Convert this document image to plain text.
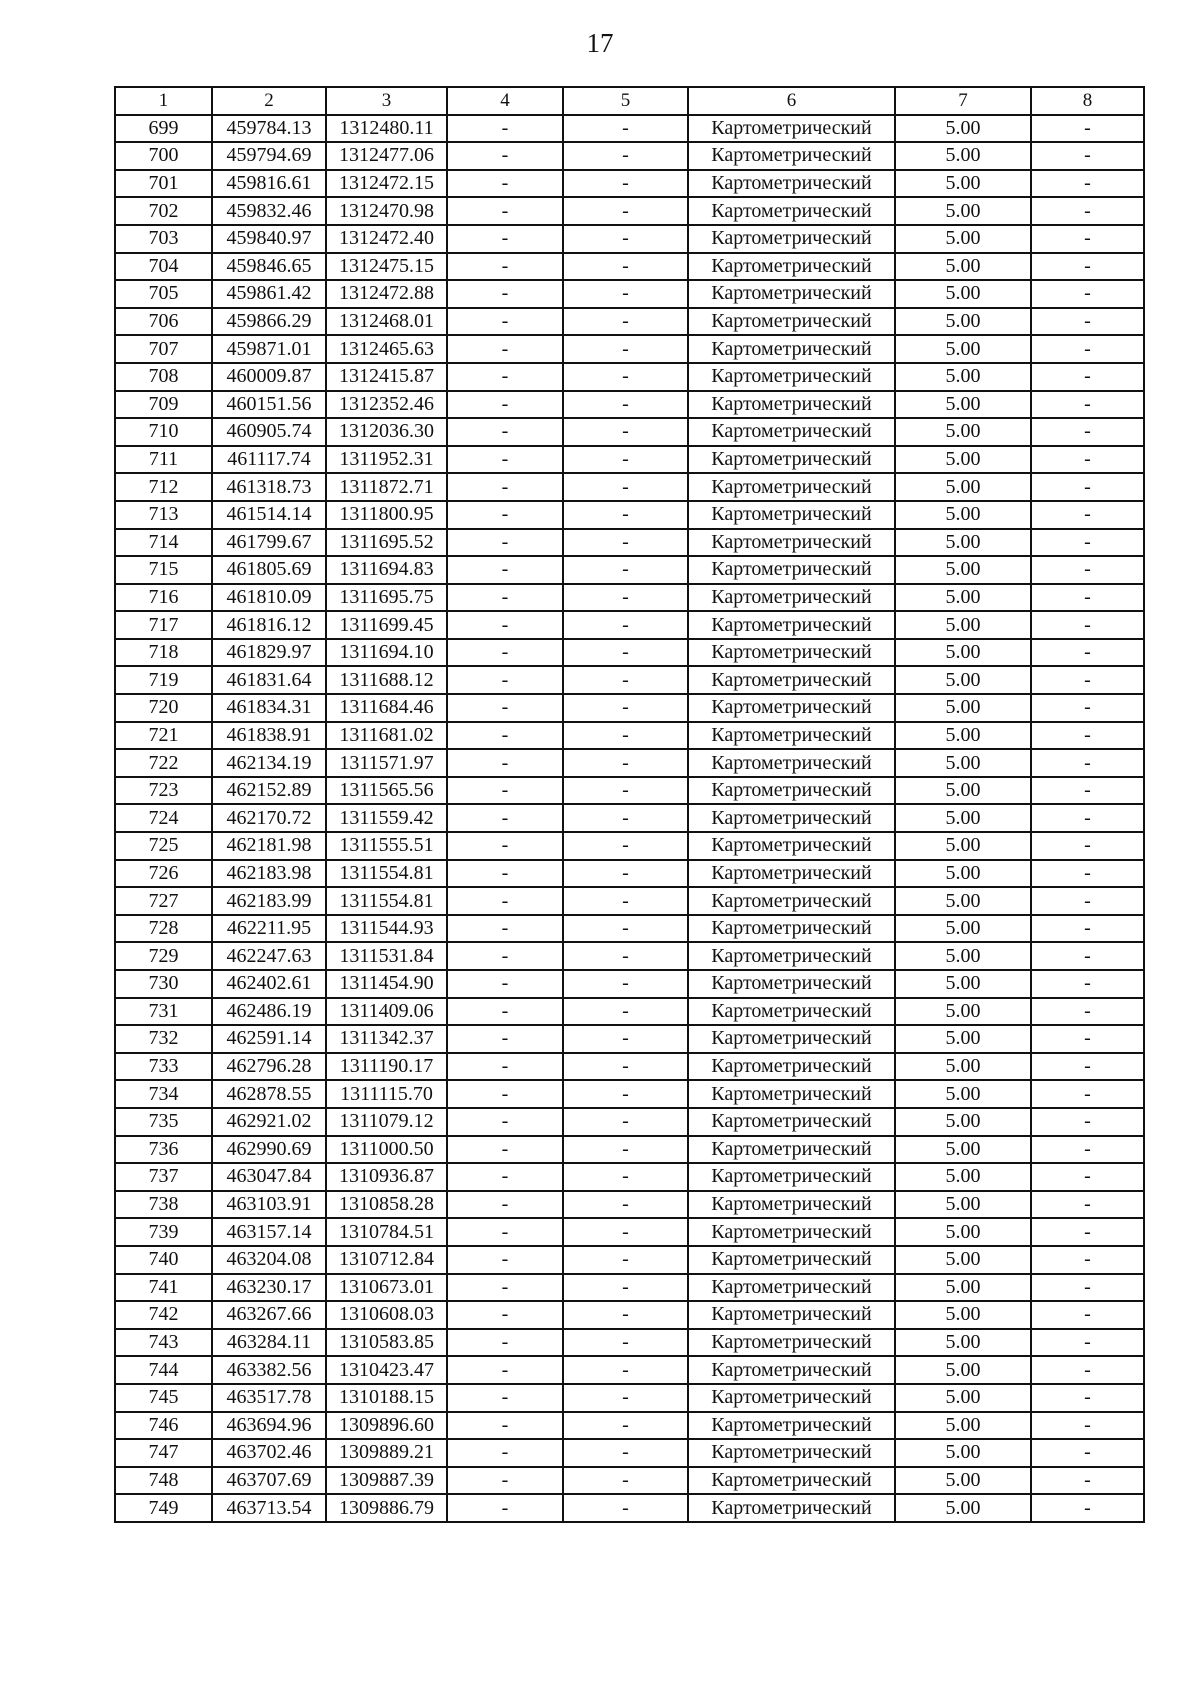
17
1	2	3	4	5	6	7	8
699	459784.13	1312480.11	-	-	Картометрический	5.00	-
700	459794.69	1312477.06	-	-	Картометрический	5.00	-
701	459816.61	1312472.15	-	-	Картометрический	5.00	-
702	459832.46	1312470.98	-	-	Картометрический	5.00	-
703	459840.97	1312472.40	-	-	Картометрический	5.00	-
704	459846.65	1312475.15	-	-	Картометрический	5.00	-
705	459861.42	1312472.88	-	-	Картометрический	5.00	-
706	459866.29	1312468.01	-	-	Картометрический	5.00	-
707	459871.01	1312465.63	-	-	Картометрический	5.00	-
708	460009.87	1312415.87	-	-	Картометрический	5.00	-
709	460151.56	1312352.46	-	-	Картометрический	5.00	-
710	460905.74	1312036.30	-	-	Картометрический	5.00	-
711	461117.74	1311952.31	-	-	Картометрический	5.00	-
712	461318.73	1311872.71	-	-	Картометрический	5.00	-
713	461514.14	1311800.95	-	-	Картометрический	5.00	-
714	461799.67	1311695.52	-	-	Картометрический	5.00	-
715	461805.69	1311694.83	-	-	Картометрический	5.00	-
716	461810.09	1311695.75	-	-	Картометрический	5.00	-
717	461816.12	1311699.45	-	-	Картометрический	5.00	-
718	461829.97	1311694.10	-	-	Картометрический	5.00	-
719	461831.64	1311688.12	-	-	Картометрический	5.00	-
720	461834.31	1311684.46	-	-	Картометрический	5.00	-
721	461838.91	1311681.02	-	-	Картометрический	5.00	-
722	462134.19	1311571.97	-	-	Картометрический	5.00	-
723	462152.89	1311565.56	-	-	Картометрический	5.00	-
724	462170.72	1311559.42	-	-	Картометрический	5.00	-
725	462181.98	1311555.51	-	-	Картометрический	5.00	-
726	462183.98	1311554.81	-	-	Картометрический	5.00	-
727	462183.99	1311554.81	-	-	Картометрический	5.00	-
728	462211.95	1311544.93	-	-	Картометрический	5.00	-
729	462247.63	1311531.84	-	-	Картометрический	5.00	-
730	462402.61	1311454.90	-	-	Картометрический	5.00	-
731	462486.19	1311409.06	-	-	Картометрический	5.00	-
732	462591.14	1311342.37	-	-	Картометрический	5.00	-
733	462796.28	1311190.17	-	-	Картометрический	5.00	-
734	462878.55	1311115.70	-	-	Картометрический	5.00	-
735	462921.02	1311079.12	-	-	Картометрический	5.00	-
736	462990.69	1311000.50	-	-	Картометрический	5.00	-
737	463047.84	1310936.87	-	-	Картометрический	5.00	-
738	463103.91	1310858.28	-	-	Картометрический	5.00	-
739	463157.14	1310784.51	-	-	Картометрический	5.00	-
740	463204.08	1310712.84	-	-	Картометрический	5.00	-
741	463230.17	1310673.01	-	-	Картометрический	5.00	-
742	463267.66	1310608.03	-	-	Картометрический	5.00	-
743	463284.11	1310583.85	-	-	Картометрический	5.00	-
744	463382.56	1310423.47	-	-	Картометрический	5.00	-
745	463517.78	1310188.15	-	-	Картометрический	5.00	-
746	463694.96	1309896.60	-	-	Картометрический	5.00	-
747	463702.46	1309889.21	-	-	Картометрический	5.00	-
748	463707.69	1309887.39	-	-	Картометрический	5.00	-
749	463713.54	1309886.79	-	-	Картометрический	5.00	-
